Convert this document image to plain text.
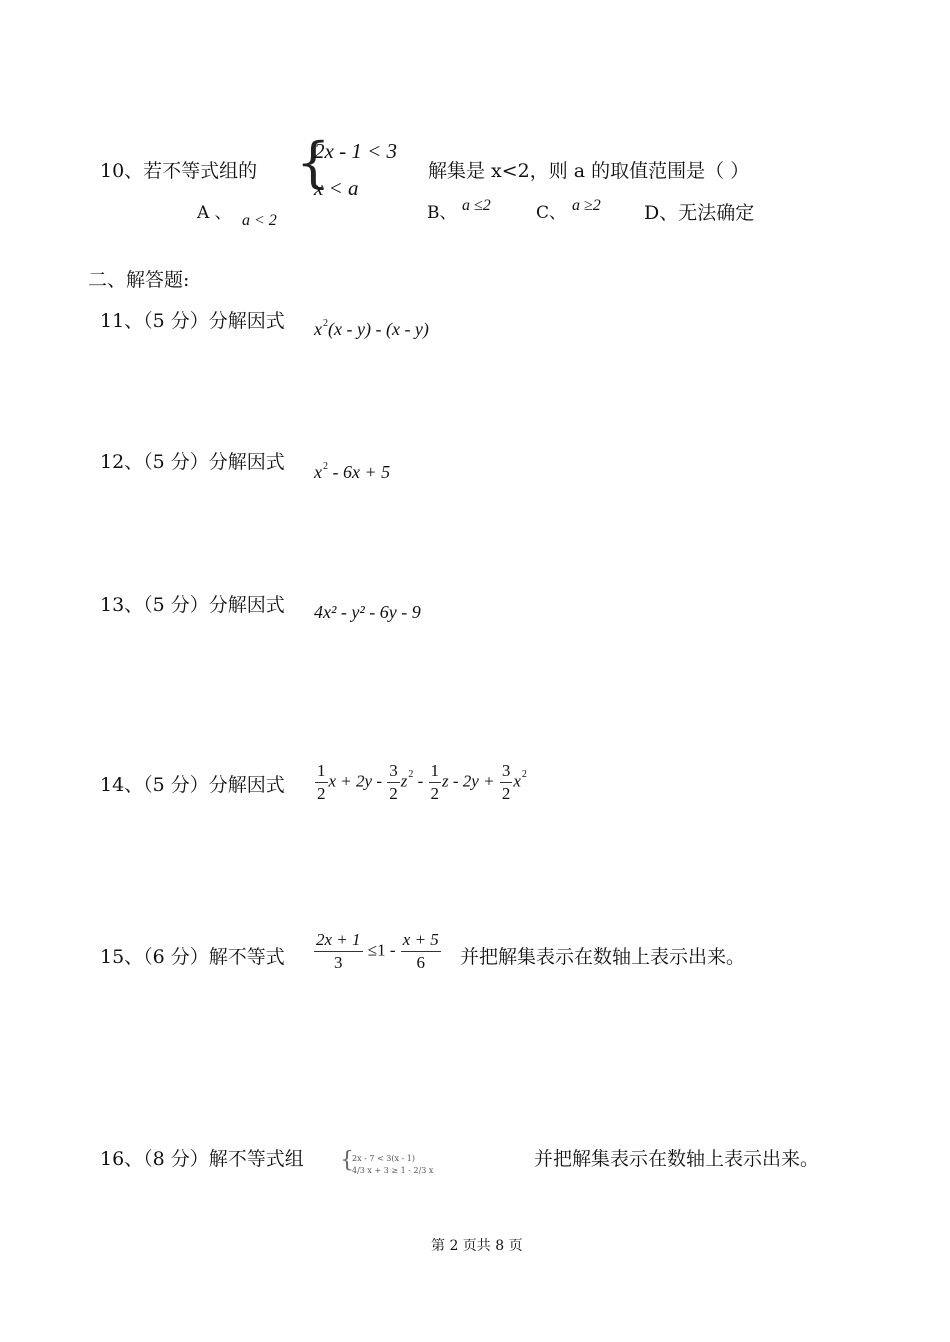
10、若不等式组的 {
2x - 1 < 3
x < a
解集是 x<2，则 a 的取值范围是（ ）
A 、 a < 2	B、 a ≤2	C、 a ≥2 D、无法确定
二、解答题:
11、（5 分）分解因式 $x^2(x - y) - (x - y)$
12、（5 分）分解因式 $x^2 - 6x + 5$
13、（5 分）分解因式 4x² - y² - 6y - 9
14、（5 分）分解因式 $\frac{1}{2}$ $x + 2y - \frac{3}{2} z^2 - \frac{1}{2}$ $z - 2y + \frac{3}{2} x^2$
15、（6 分）解不等式 $\frac{2x + 1}{3} \le 1 - \frac{x + 5}{6}$ 并把解集表示在数轴上表示出来。
16、（8 分）解不等式组 {
2x - 7 < 3(x - 1)
4/3 x + 3 ≥ 1 - 2/3 x
并把解集表示在数轴上表示出来。
第 2 页共 8 页
